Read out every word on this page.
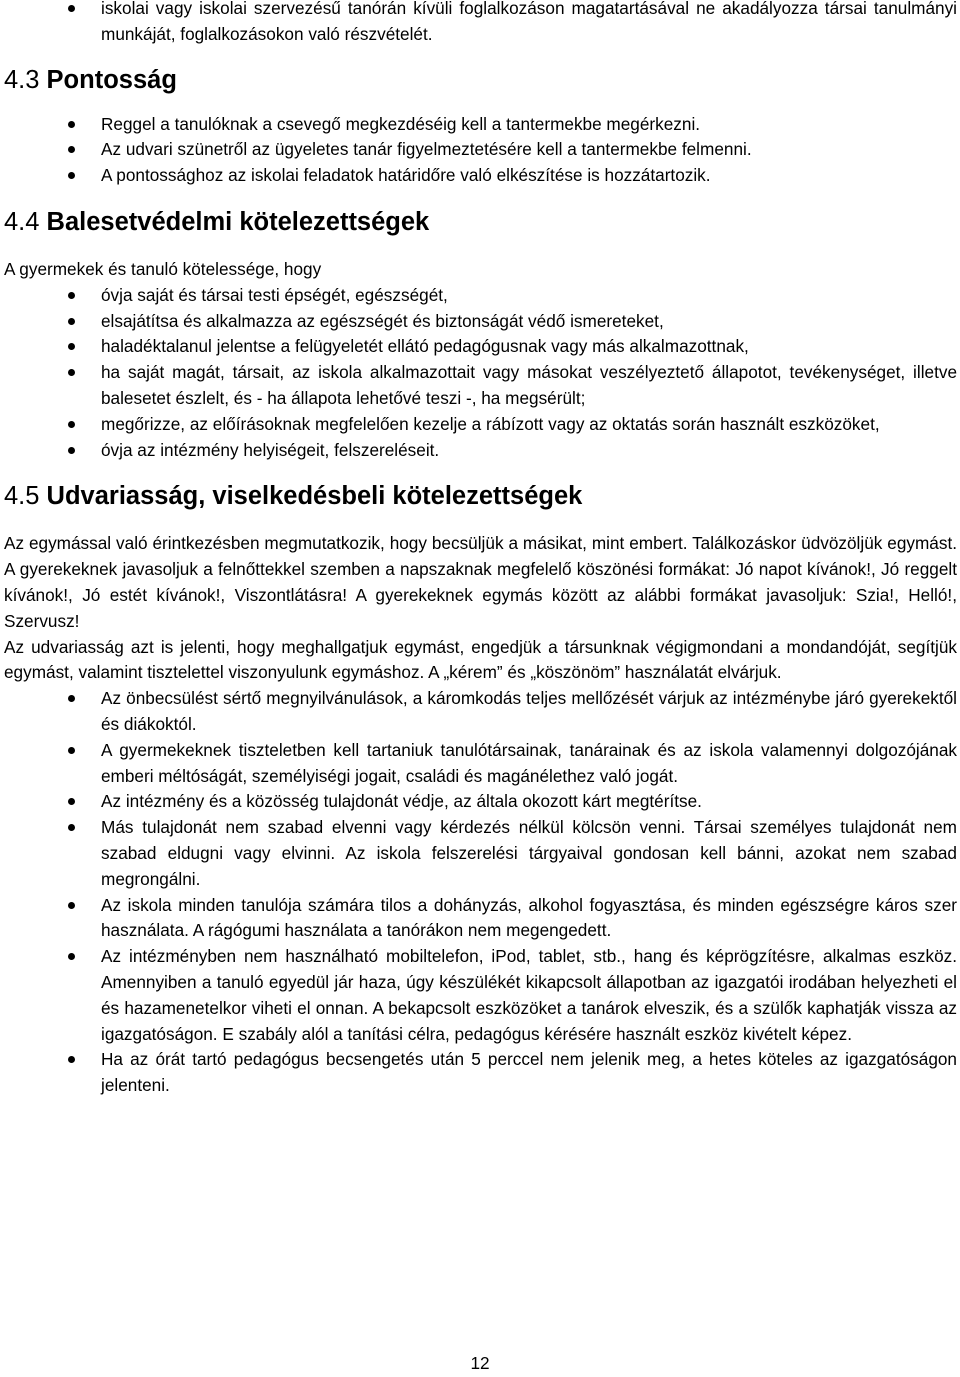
iskolai vagy iskolai szervezésű tanórán kívüli foglalkozáson magatartásával ne akadályozza társai tanulmányi munkáját, foglalkozásokon való részvételét.
4.3 Pontosság
Reggel a tanulóknak a csevegő megkezdéséig kell a tantermekbe megérkezni.
Az udvari szünetről az ügyeletes tanár figyelmeztetésére kell a tantermekbe felmenni.
A pontossághoz az iskolai feladatok határidőre való elkészítése is hozzátartozik.
4.4 Balesetvédelmi kötelezettségek

A gyermekek és tanuló kötelessége, hogy

óvja saját és társai testi épségét, egészségét,
elsajátítsa és alkalmazza az egészségét és biztonságát védő ismereteket,
haladéktalanul jelentse a felügyeletét ellátó pedagógusnak vagy más alkalmazottnak,
ha saját magát, társait, az iskola alkalmazottait vagy másokat veszélyeztető állapotot, tevékenységet, illetve balesetet észlelt, és - ha állapota lehetővé teszi -, ha megsérült;
megőrizze, az előírásoknak megfelelően kezelje a rábízott vagy az oktatás során használt eszközöket,
óvja az intézmény helyiségeit, felszereléseit.
4.5 Udvariasság, viselkedésbeli kötelezettségek

Az egymással való érintkezésben megmutatkozik, hogy becsüljük a másikat, mint embert. Találkozáskor üdvözöljük egymást. A gyerekeknek javasoljuk a felnőttekkel szemben a napszaknak megfelelő köszönési formákat: Jó napot kívánok!, Jó reggelt kívánok!, Jó estét kívánok!, Viszontlátásra! A gyerekeknek egymás között az alábbi formákat javasoljuk: Szia!, Helló!, Szervusz!

Az udvariasság azt is jelenti, hogy meghallgatjuk egymást, engedjük a társunknak végigmondani a mondandóját, segítjük egymást, valamint tisztelettel viszonyulunk egymáshoz. A „kérem” és „köszönöm” használatát elvárjuk.

Az önbecsülést sértő megnyilvánulások, a káromkodás teljes mellőzését várjuk az intézménybe járó gyerekektől és diákoktól.
A gyermekeknek tiszteletben kell tartaniuk tanulótársainak, tanárainak és az iskola valamennyi dolgozójának emberi méltóságát, személyiségi jogait, családi és magánélethez való jogát.
Az intézmény és a közösség tulajdonát védje, az általa okozott kárt megtérítse.
Más tulajdonát nem szabad elvenni vagy kérdezés nélkül kölcsön venni. Társai személyes tulajdonát nem szabad eldugni vagy elvinni. Az iskola felszerelési tárgyaival gondosan kell bánni, azokat nem szabad megrongálni.
Az iskola minden tanulója számára tilos a dohányzás, alkohol fogyasztása, és minden egészségre káros szer használata. A rágógumi használata a tanórákon nem megengedett.
Az intézményben nem használható mobiltelefon, iPod, tablet, stb., hang és képrögzítésre, alkalmas eszköz. Amennyiben a tanuló egyedül jár haza, úgy készülékét kikapcsolt állapotban az igazgatói irodában helyezheti el és hazamenetelkor viheti el onnan. A bekapcsolt eszközöket a tanárok elveszik, és a szülők kaphatják vissza az igazgatóságon. E szabály alól a tanítási célra, pedagógus kérésére használt eszköz kivételt képez.
Ha az órát tartó pedagógus becsengetés után 5 perccel nem jelenik meg, a hetes köteles az igazgatóságon jelenteni.
12
